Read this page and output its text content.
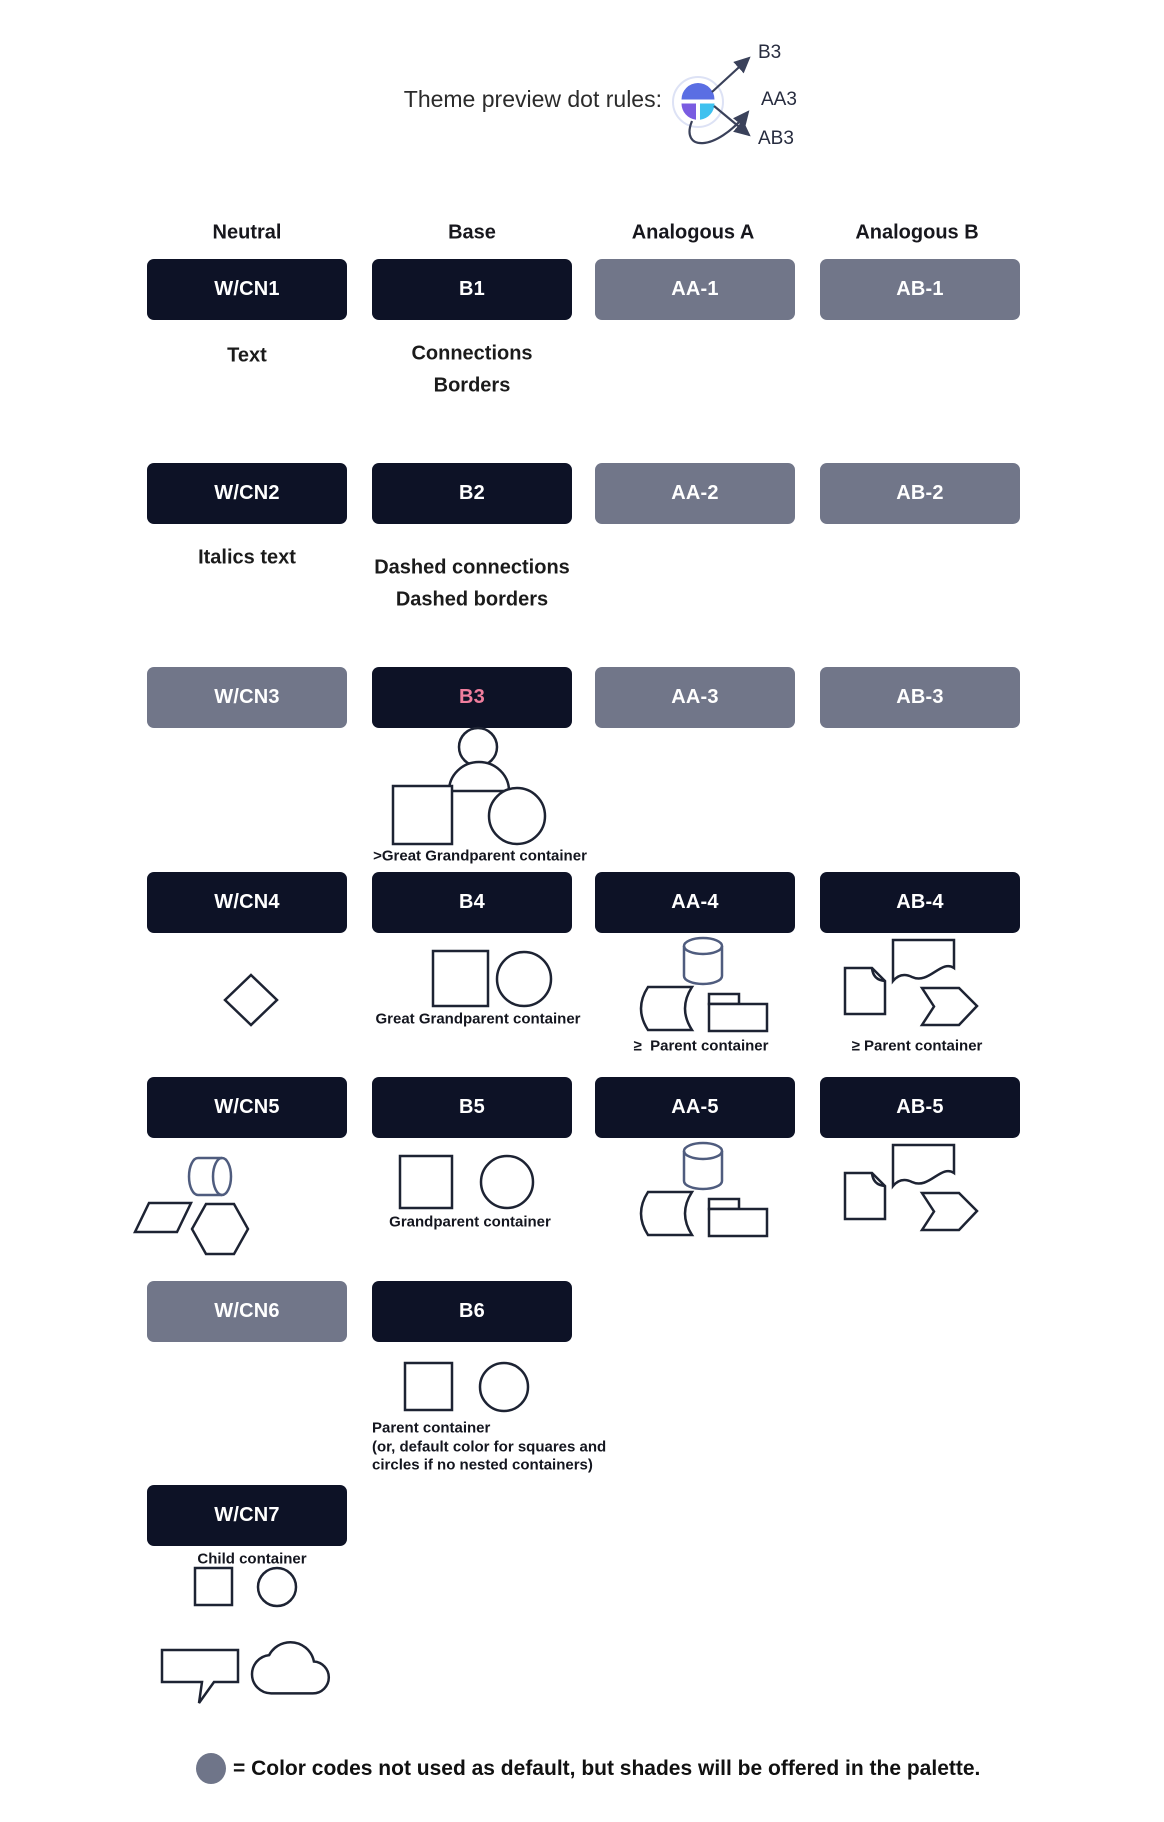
Theme preview dot rules:
B3
AA3
AB3
Neutral	Base	Analogous A	Analogous B
W/CN1	B1	AA-1	AB-1
W/CN2	B2	AA-2	AB-2
W/CN3	B3	AA-3	AB-3
W/CN4	B4	AA-4	AB-4
W/CN5	B5	AA-5	AB-5
W/CN6	B6
W/CN7
Text	Connections
Borders
Italics text	Dashed connections
Dashed borders
>Great Grandparent container
Great Grandparent container
≥  Parent container	≥ Parent container
Grandparent container
Parent container
(or, default color for squares and
circles if no nested containers)
Child container
= Color codes not used as default, but shades will be offered in the palette.
